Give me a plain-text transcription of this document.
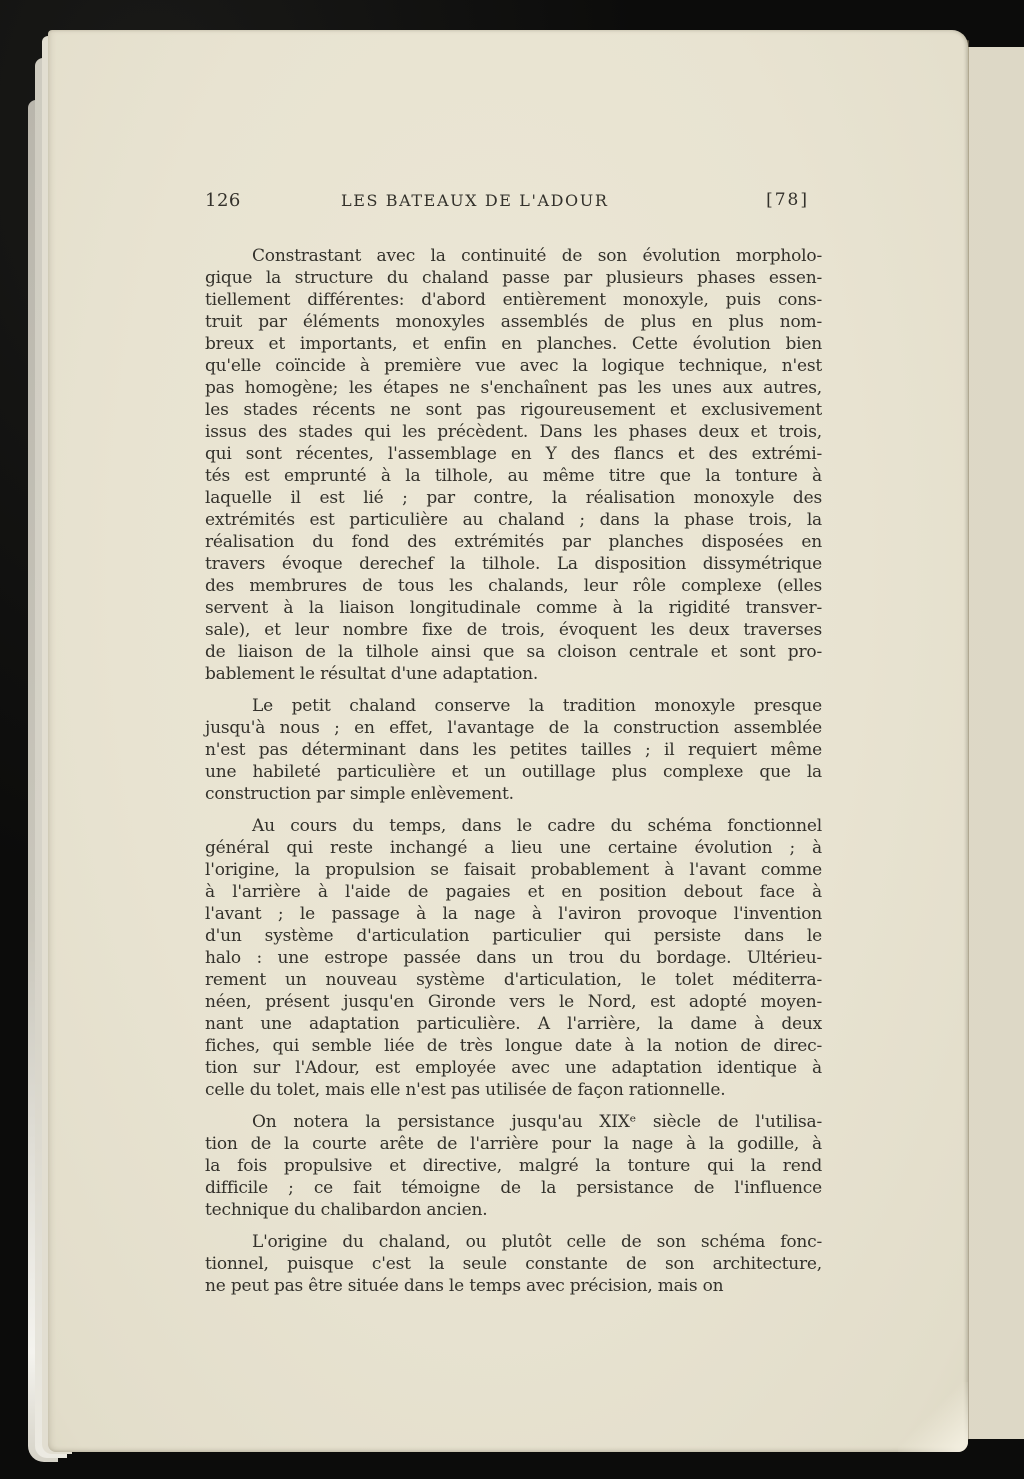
126	LES BATEAUX DE L'ADOUR	[78]
Constrastant avec la continuité de son évolution morpholo-
gique la structure du chaland passe par plusieurs phases essen-
tiellement différentes: d'abord entièrement monoxyle, puis cons-
truit par éléments monoxyles assemblés de plus en plus nom-
breux et importants, et enfin en planches. Cette évolution bien
qu'elle coïncide à première vue avec la logique technique, n'est
pas homogène; les étapes ne s'enchaînent pas les unes aux autres,
les stades récents ne sont pas rigoureusement et exclusivement
issus des stades qui les précèdent. Dans les phases deux et trois,
qui sont récentes, l'assemblage en Y des flancs et des extrémi-
tés est emprunté à la tilhole, au même titre que la tonture à
laquelle il est lié ; par contre, la réalisation monoxyle des
extrémités est particulière au chaland ; dans la phase trois, la
réalisation du fond des extrémités par planches disposées en
travers évoque derechef la tilhole. La disposition dissymétrique
des membrures de tous les chalands, leur rôle complexe (elles
servent à la liaison longitudinale comme à la rigidité transver-
sale), et leur nombre fixe de trois, évoquent les deux traverses
de liaison de la tilhole ainsi que sa cloison centrale et sont pro-
bablement le résultat d'une adaptation.
Le petit chaland conserve la tradition monoxyle presque
jusqu'à nous ; en effet, l'avantage de la construction assemblée
n'est pas déterminant dans les petites tailles ; il requiert même
une habileté particulière et un outillage plus complexe que la
construction par simple enlèvement.
Au cours du temps, dans le cadre du schéma fonctionnel
général qui reste inchangé a lieu une certaine évolution ; à
l'origine, la propulsion se faisait probablement à l'avant comme
à l'arrière à l'aide de pagaies et en position debout face à
l'avant ; le passage à la nage à l'aviron provoque l'invention
d'un système d'articulation particulier qui persiste dans le
halo : une estrope passée dans un trou du bordage. Ultérieu-
rement un nouveau système d'articulation, le tolet méditerra-
néen, présent jusqu'en Gironde vers le Nord, est adopté moyen-
nant une adaptation particulière. A l'arrière, la dame à deux
fiches, qui semble liée de très longue date à la notion de direc-
tion sur l'Adour, est employée avec une adaptation identique à
celle du tolet, mais elle n'est pas utilisée de façon rationnelle.
On notera la persistance jusqu'au XIXᵉ siècle de l'utilisa-
tion de la courte arête de l'arrière pour la nage à la godille, à
la fois propulsive et directive, malgré la tonture qui la rend
difficile ; ce fait témoigne de la persistance de l'influence
technique du chalibardon ancien.
L'origine du chaland, ou plutôt celle de son schéma fonc-
tionnel, puisque c'est la seule constante de son architecture,
ne peut pas être située dans le temps avec précision, mais on
